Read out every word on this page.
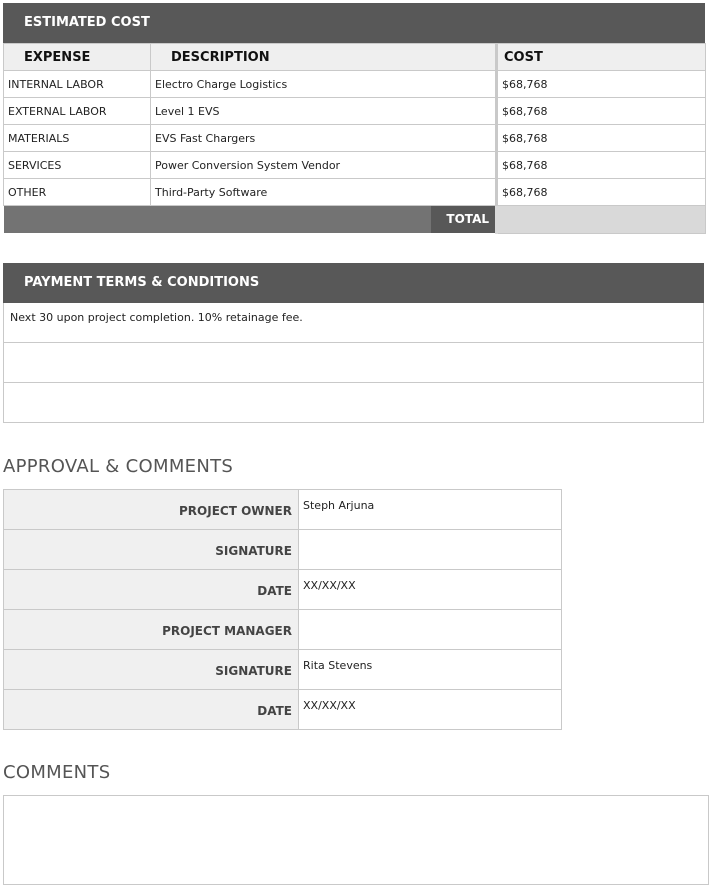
ESTIMATED COST
EXPENSE	DESCRIPTION	COST
INTERNAL LABOR	Electro Charge Logistics	$68,768
EXTERNAL LABOR	Level 1 EVS	$68,768
MATERIALS	EVS Fast Chargers	$68,768
SERVICES	Power Conversion System Vendor	$68,768
OTHER	Third-Party Software	$68,768

TOTAL		

PAYMENT TERMS & CONDITIONS
Next 30 upon project completion. 10% retainage fee.
APPROVAL & COMMENTS
PROJECT OWNER	Steph Arjuna
SIGNATURE	
DATE	XX/XX/XX
PROJECT MANAGER	
SIGNATURE	Rita Stevens
DATE	XX/XX/XX
COMMENTS
